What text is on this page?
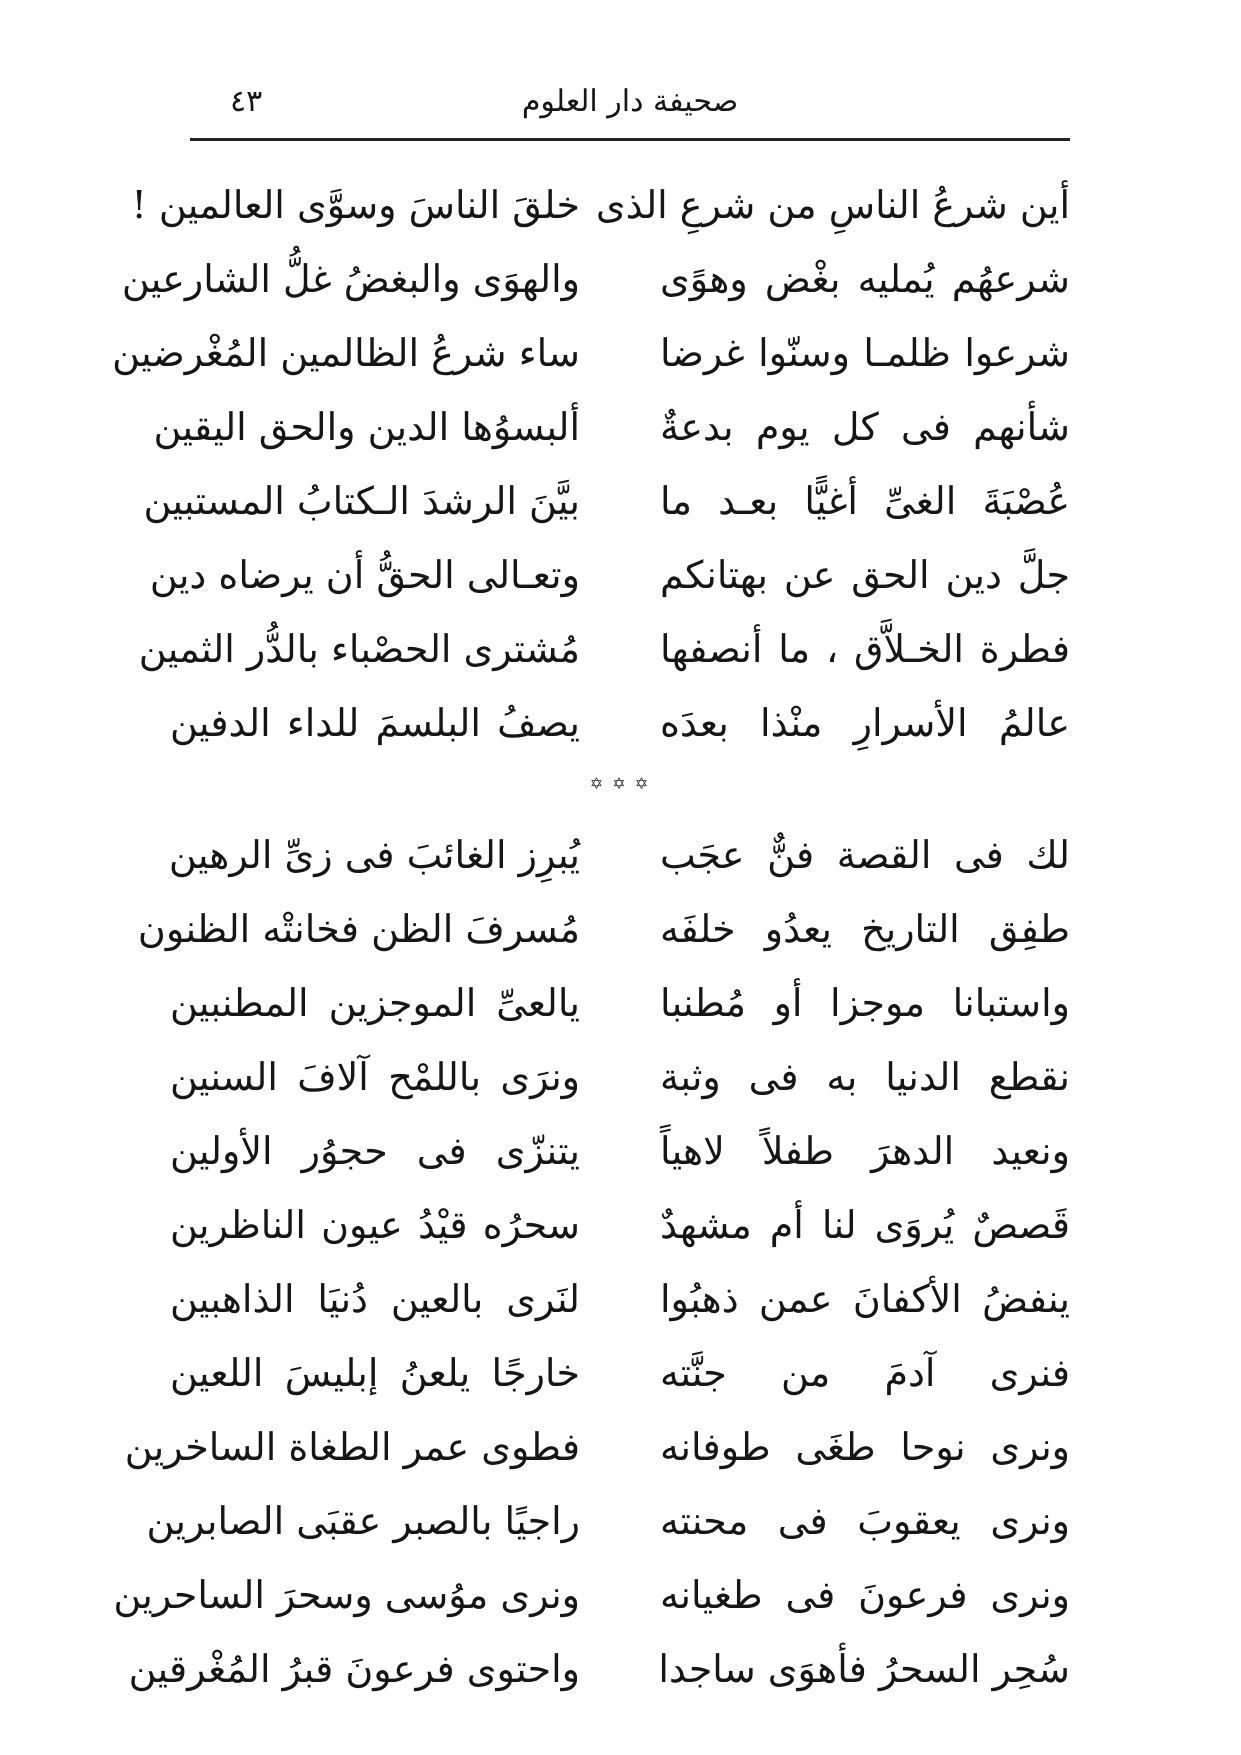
صحيفة دار العلوم
٤٣
أين شرعُ الناسِ من شرعِ الذى
خلقَ الناسَ وسوَّى العالمين !
شرعهُم يُمليه بغْض وهوًى
والهوَى والبغضُ غلُّ الشارعين
شرعوا ظلمـا وسنّوا غرضا
ساء شرعُ الظالمين المُغْرضين
شأنهم فى كل يوم بدعةٌ
ألبسوُها الدين والحق اليقين
عُصْبَةَ الغىِّ أغيًّا بعـد ما
بيَّنَ الرشدَ الـكتابُ المستبين
جلَّ دين الحق عن بهتانكم
وتعـالى الحقُّ أن يرضاه دين
فطرة الخـلاَّق ، ما أنصفها
مُشترى الحصْباء بالدُّر الثمين
عالمُ الأسرارِ منْذا بعدَه
يصفُ البلسمَ للداء الدفين
✡ ✡ ✡
لك فى القصة فنٌّ عجَب
يُبرِز الغائبَ فى زىِّ الرهين
طفِق التاريخ يعدُو خلفَه
مُسرفَ الظن فخانتْه الظنون
واستبانا موجزا أو مُطنبا
يالعىِّ الموجزين المطنبين
نقطع الدنيا به فى وثبة
ونرَى باللمْح آلافَ السنين
ونعيد الدهرَ طفلاً لاهياً
يتنزّى فى حجوُر الأولين
قَصصٌ يُروَى لنا أم مشهدٌ
سحرُه قيْدُ عيون الناظرين
ينفضُ الأكفانَ عمن ذهبُوا
لنَرى بالعين دُنيَا الذاهبين
فنرى آدمَ من جنَّته
خارجًا يلعنُ إبليسَ اللعين
ونرى نوحا طغَى طوفانه
فطوى عمر الطغاة الساخرين
ونرى يعقوبَ فى محنته
راجيًا بالصبر عقبَى الصابرين
ونرى فرعونَ فى طغيانه
ونرى موُسى وسحرَ الساحرين
سُحِر السحرُ فأهوَى ساجدا
واحتوى فرعونَ قبرُ المُغْرقين
